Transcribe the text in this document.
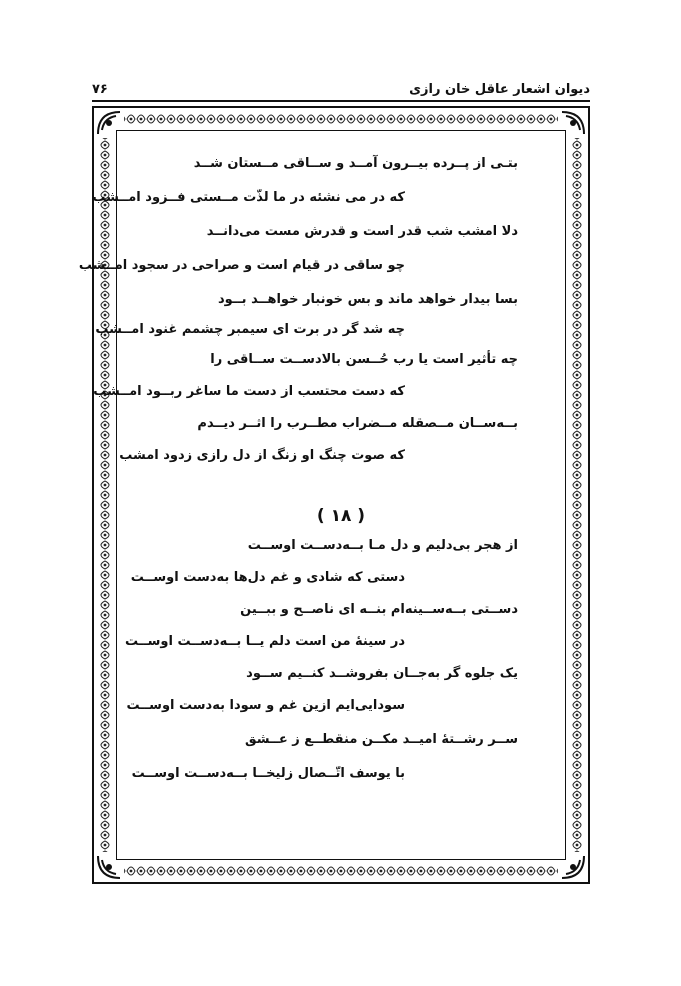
دیوان اشعار عاقل خان رازی
۷۶
بتـی از پــرده بیــرون آمــد و ســاقی مــستان شــد
که در می نشئه در ما لذّت مــستی فــزود امــشب
دلا امشب شب قدر است و قدرش مست می‌دانــد
چو ساقی در قیام است و صراحی در سجود امــشب
بسا بیدار خواهد ماند و بس خونبار خواهــد بــود
چه شد گر در برت ای سیمبر چشمم غنود امــشب
چه تأثیر است یا رب حُــسن بالادســت ســاقی را
که دست محتسب از دست ما ساغر ربــود امــشب
بــه‌ســان مــصقله مــضراب مطــرب را اثــر دیــدم
که صوت چنگ او زنگ از دل رازی زدود امشب
( ۱۸ )
از هجر بی‌دلیم و دل مـا بــه‌دســت اوســت
دستی که شادی و غم دل‌ها به‌دست اوســت
دســتی بــه‌ســینه‌ام بنــه ای ناصــح و ببــین
در سینهٔ من است دلم یــا بــه‌دســت اوســت
یک جلوه گر به‌جــان بفروشــد کنــیم ســود
سودایی‌ایم ازین غم و سودا به‌دست اوســت
ســر رشــتهٔ امیــد مکــن منقطــع ز عــشق
با یوسف اتّــصال زلیخــا بــه‌دســت اوســت
